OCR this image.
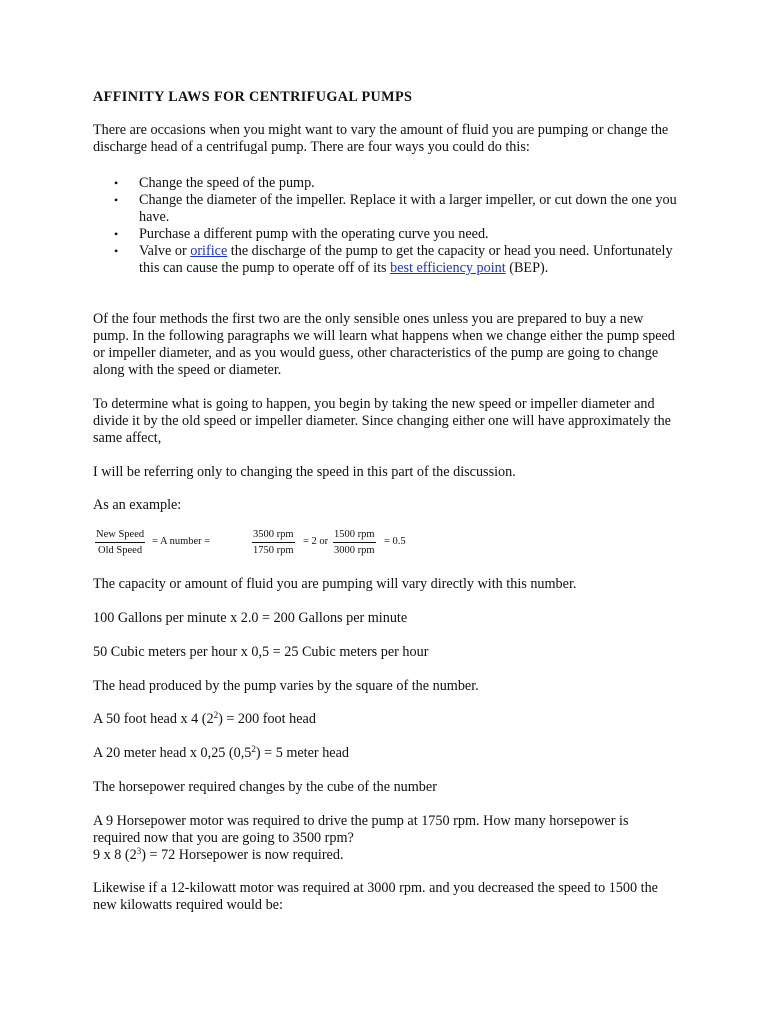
AFFINITY LAWS FOR CENTRIFUGAL PUMPS

There are occasions when you might want to vary the amount of fluid you are pumping or change the discharge head of a centrifugal pump. There are four ways you could do this:

• Change the speed of the pump.
• Change the diameter of the impeller. Replace it with a larger impeller, or cut down the one you have.
• Purchase a different pump with the operating curve you need.
• Valve or orifice the discharge of the pump to get the capacity or head you need. Unfortunately this can cause the pump to operate off of its best efficiency point (BEP).

Of the four methods the first two are the only sensible ones unless you are prepared to buy a new pump. In the following paragraphs we will learn what happens when we change either the pump speed or impeller diameter, and as you would guess, other characteristics of the pump are going to change along with the speed or diameter.

To determine what is going to happen, you begin by taking the new speed or impeller diameter and divide it by the old speed or impeller diameter. Since changing either one will have approximately the same affect,

I will be referring only to changing the speed in this part of the discussion.

As an example:

New Speed
Old Speed
= A number =
3500 rpm
1750 rpm
= 2 or
1500 rpm
3000 rpm
= 0.5

The capacity or amount of fluid you are pumping will vary directly with this number.

100 Gallons per minute x 2.0 = 200 Gallons per minute

50 Cubic meters per hour x 0,5 = 25 Cubic meters per hour

The head produced by the pump varies by the square of the number.

A 50 foot head x 4 $(2^2) = 200$ foot head

A 20 meter head x 0,25 $(0,5^2) = 5$ meter head

The horsepower required changes by the cube of the number

A 9 Horsepower motor was required to drive the pump at 1750 rpm. How many horsepower is required now that you are going to 3500 rpm?

9 x 8 $(2^3) = 72$ Horsepower is now required.

Likewise if a 12-kilowatt motor was required at 3000 rpm. and you decreased the speed to 1500 the new kilowatts required would be:
